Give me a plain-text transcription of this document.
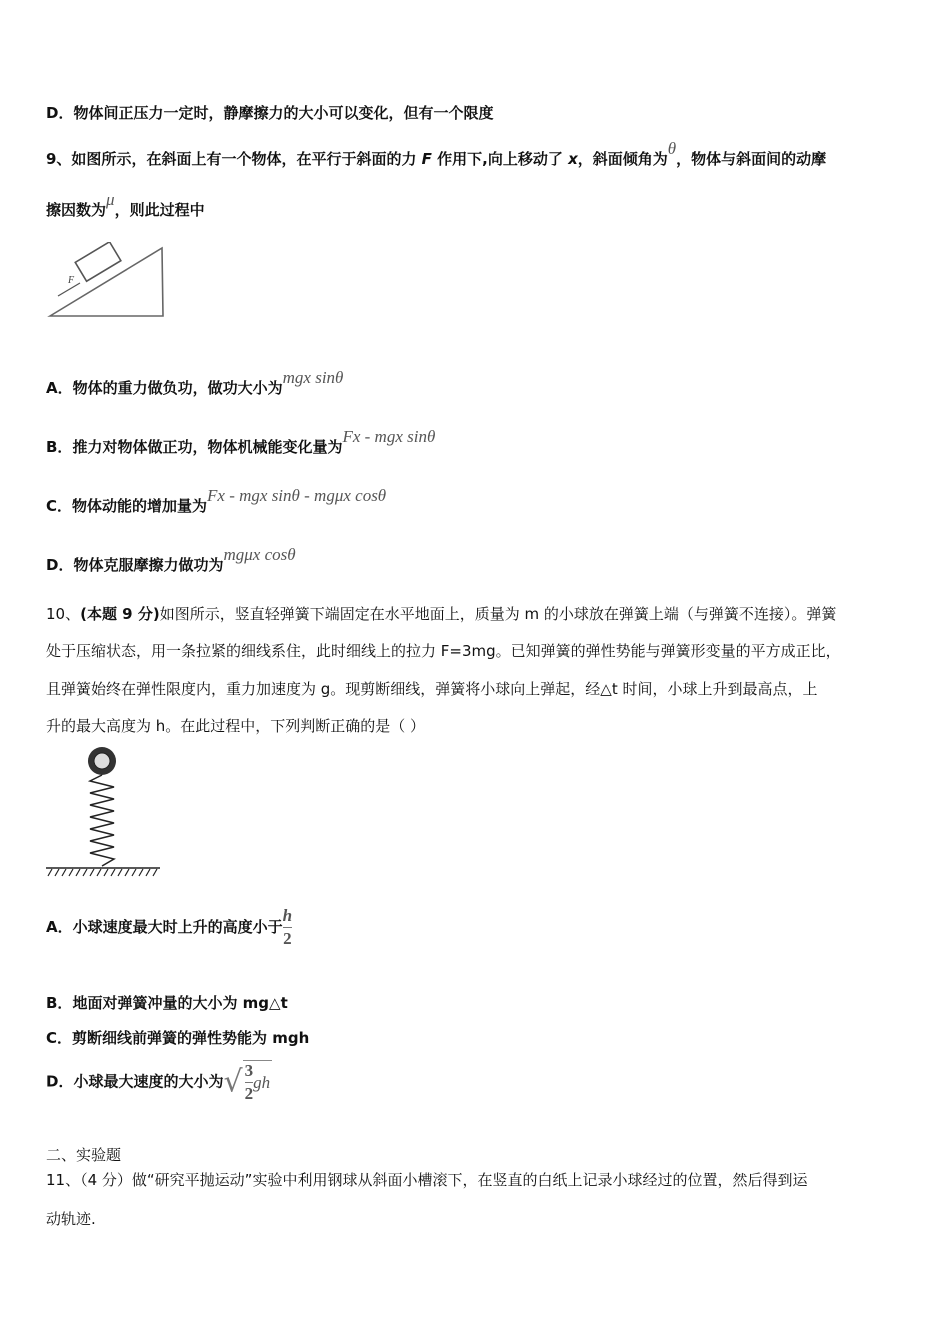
D．物体间正压力一定时，静摩擦力的大小可以变化，但有一个限度
9、如图所示，在斜面上有一个物体，在平行于斜面的力 F 作用下,向上移动了 x，斜面倾角为θ，物体与斜面间的动摩
擦因数为μ，则此过程中
F
A．物体的重力做负功，做功大小为mgx sinθ
B．推力对物体做正功，物体机械能变化量为Fx - mgx sinθ
C．物体动能的增加量为Fx - mgx sinθ - mgμx cosθ
D．物体克服摩擦力做功为mgμx cosθ
10、(本题 9 分)如图所示，竖直轻弹簧下端固定在水平地面上，质量为 m 的小球放在弹簧上端（与弹簧不连接）。弹簧
处于压缩状态，用一条拉紧的细线系住，此时细线上的拉力 F=3mg。已知弹簧的弹性势能与弹簧形变量的平方成正比，
且弹簧始终在弹性限度内，重力加速度为 g。现剪断细线，弹簧将小球向上弹起，经△t 时间，小球上升到最高点，上
升的最大高度为 h。在此过程中，下列判断正确的是（ ）
A．小球速度最大时上升的高度小于 $\frac{h}{2}$
B．地面对弹簧冲量的大小为 mg△t
C．剪断细线前弹簧的弹性势能为 mgh
D．小球最大速度的大小为√ $\frac{3}{2}$ gh
二、实验题
11、（4 分）做“研究平抛运动”实验中利用钢球从斜面小槽滚下，在竖直的白纸上记录小球经过的位置，然后得到运
动轨迹.
